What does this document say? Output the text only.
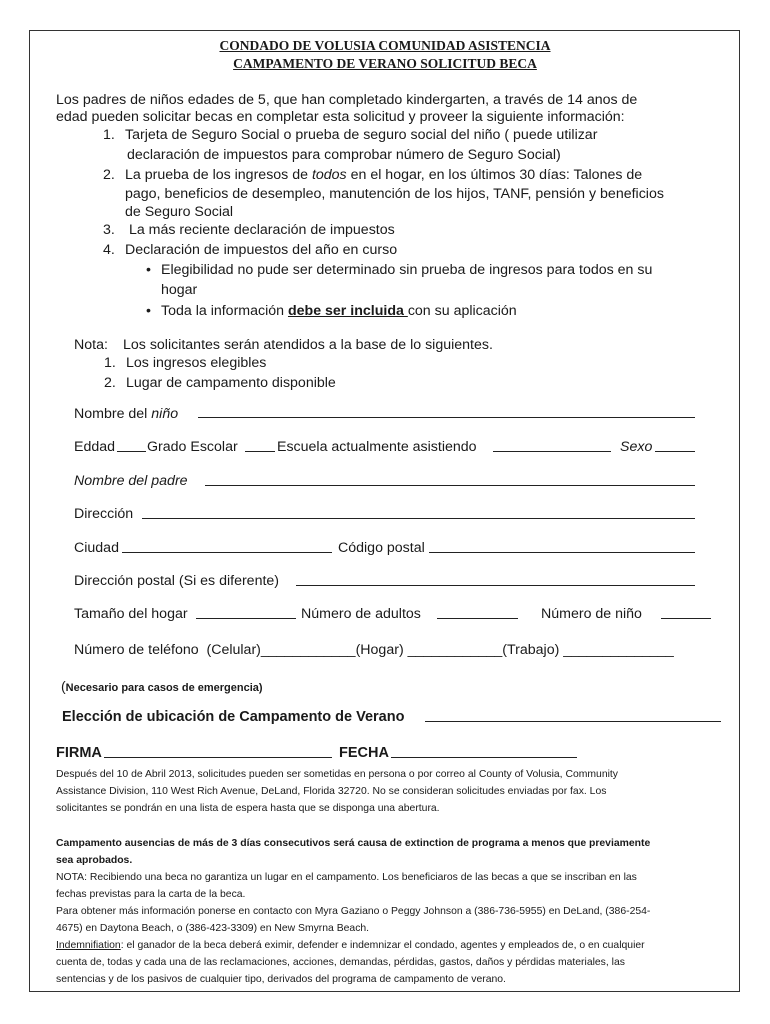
CONDADO DE VOLUSIA COMUNIDAD ASISTENCIA
CAMPAMENTO DE VERANO SOLICITUD BECA
Los padres de niños edades de 5, que han completado kindergarten, a través de 14 anos de
edad pueden solicitar becas en completar esta solicitud y proveer la siguiente información:
1. Tarjeta de Seguro Social o prueba de seguro social del niño ( puede utilizar
declaración de impuestos para comprobar número de Seguro Social)
2. La prueba de los ingresos de todos en el hogar, en los últimos 30 días: Talones de
pago, beneficios de desempleo, manutención de los hijos, TANF, pensión y beneficios
de Seguro Social
3. La más reciente declaración de impuestos
4. Declaración de impuestos del año en curso
• Elegibilidad no pude ser determinado sin prueba de ingresos para todos en su
hogar
• Toda la información debe ser incluida con su aplicación
Nota: Los solicitantes serán atendidos a la base de lo siguientes.
1. Los ingresos elegibles
2. Lugar de campamento disponible
Nombre del niño
Eddad Grado Escolar	Escuela actualmente asistiendo	Sexo
Nombre del padre
Dirección
Ciudad	Código postal
Dirección postal (Si es diferente)
Tamaño del hogar	Número de adultos	Número de niño
Número de teléfono  (Celular)____________(Hogar) ____________(Trabajo) ______________
(Necesario para casos de emergencia)
Elección de ubicación de Campamento de Verano
FIRMA	FECHA
Después del 10 de Abril 2013, solicitudes pueden ser sometidas en persona o por correo al County of Volusia, Community
Assistance Division, 110 West Rich Avenue, DeLand, Florida 32720. No se consideran solicitudes enviadas por fax. Los
solicitantes se pondrán en una lista de espera hasta que se disponga una abertura.
Campamento ausencias de más de 3 días consecutivos será causa de extinction de programa a menos que previamente
sea aprobados.
NOTA: Recibiendo una beca no garantiza un lugar en el campamento. Los beneficiaros de las becas a que se inscriban en las
fechas previstas para la carta de la beca.
Para obtener más información ponerse en contacto con Myra Gaziano o Peggy Johnson a (386-736-5955) en DeLand, (386-254-
4675) en Daytona Beach, o (386-423-3309) en New Smyrna Beach.
Indemnifiation: el ganador de la beca deberá eximir, defender e indemnizar el condado, agentes y empleados de, o en cualquier
cuenta de, todas y cada una de las reclamaciones, acciones, demandas, pérdidas, gastos, daños y pérdidas materiales, las
sentencias y de los pasivos de cualquier tipo, derivados del programa de campamento de verano.
